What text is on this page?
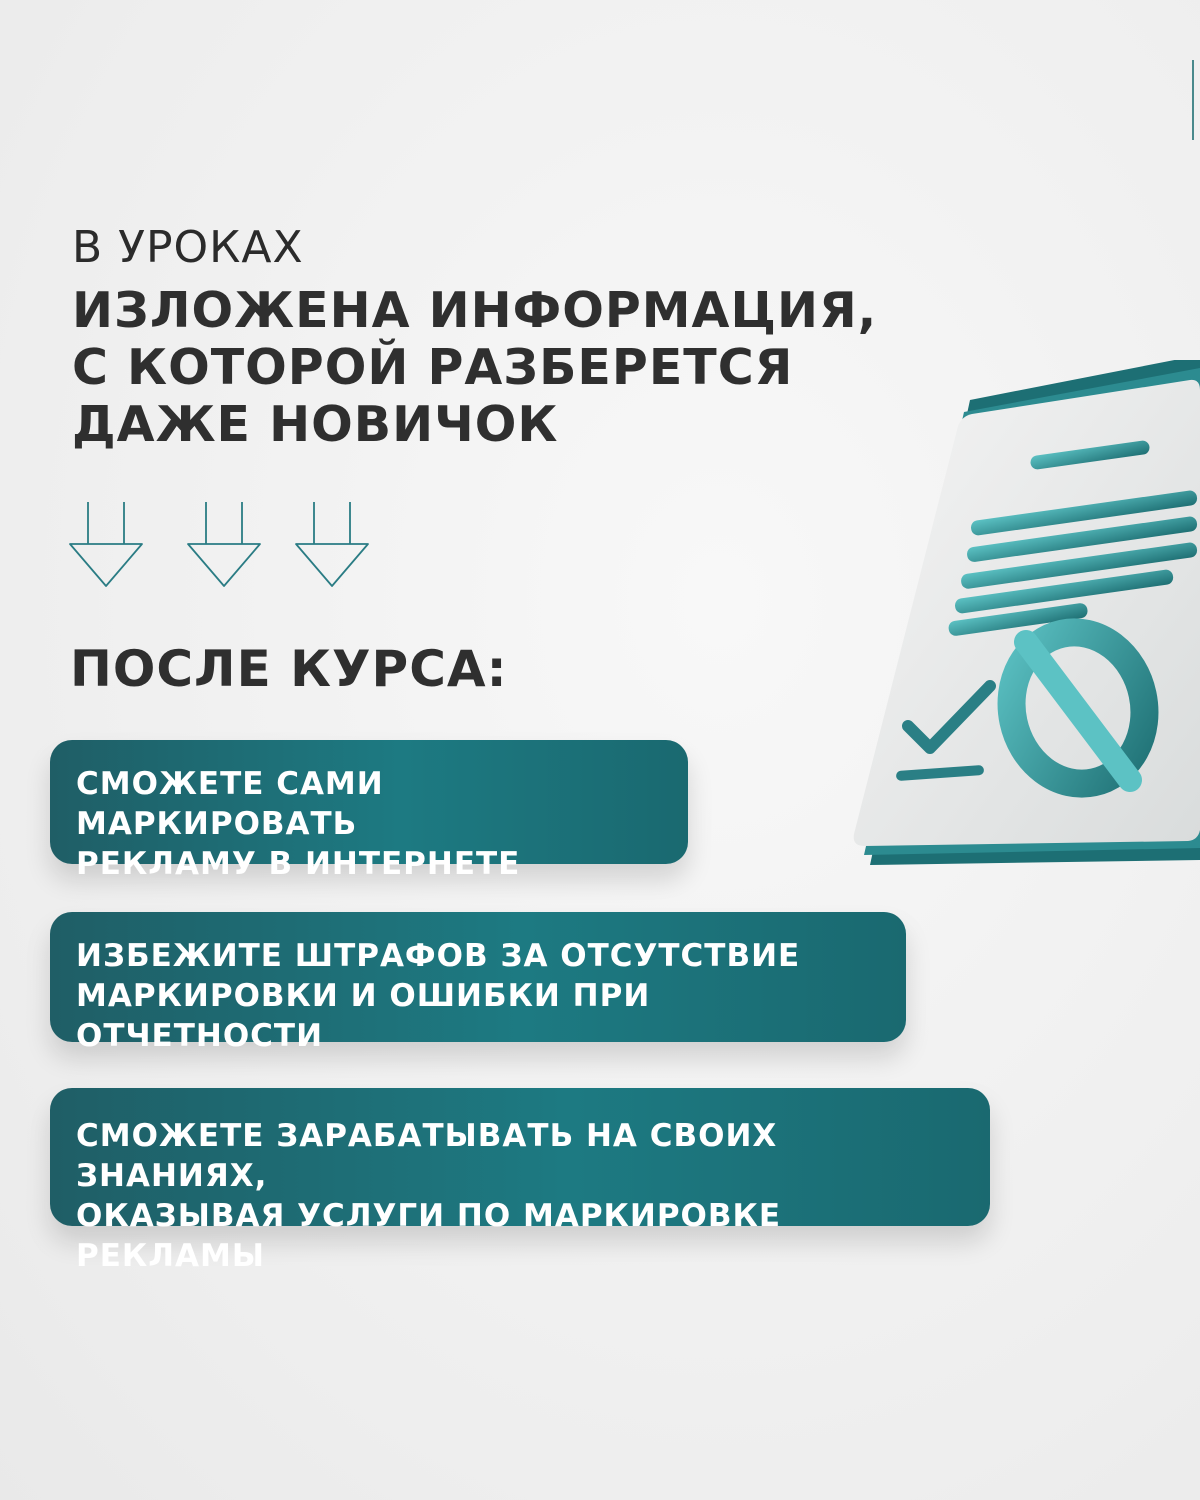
В УРОКАХ

ИЗЛОЖЕНА ИНФОРМАЦИЯ,
С КОТОРОЙ РАЗБЕРЕТСЯ
ДАЖЕ НОВИЧОК
ПОСЛЕ КУРСА:
СМОЖЕТЕ САМИ МАРКИРОВАТЬ
РЕКЛАМУ В ИНТЕРНЕТЕ
ИЗБЕЖИТЕ ШТРАФОВ ЗА ОТСУТСТВИЕ
МАРКИРОВКИ И ОШИБКИ ПРИ ОТЧЕТНОСТИ
СМОЖЕТЕ ЗАРАБАТЫВАТЬ НА СВОИХ ЗНАНИЯХ,
ОКАЗЫВАЯ УСЛУГИ ПО МАРКИРОВКЕ РЕКЛАМЫ
